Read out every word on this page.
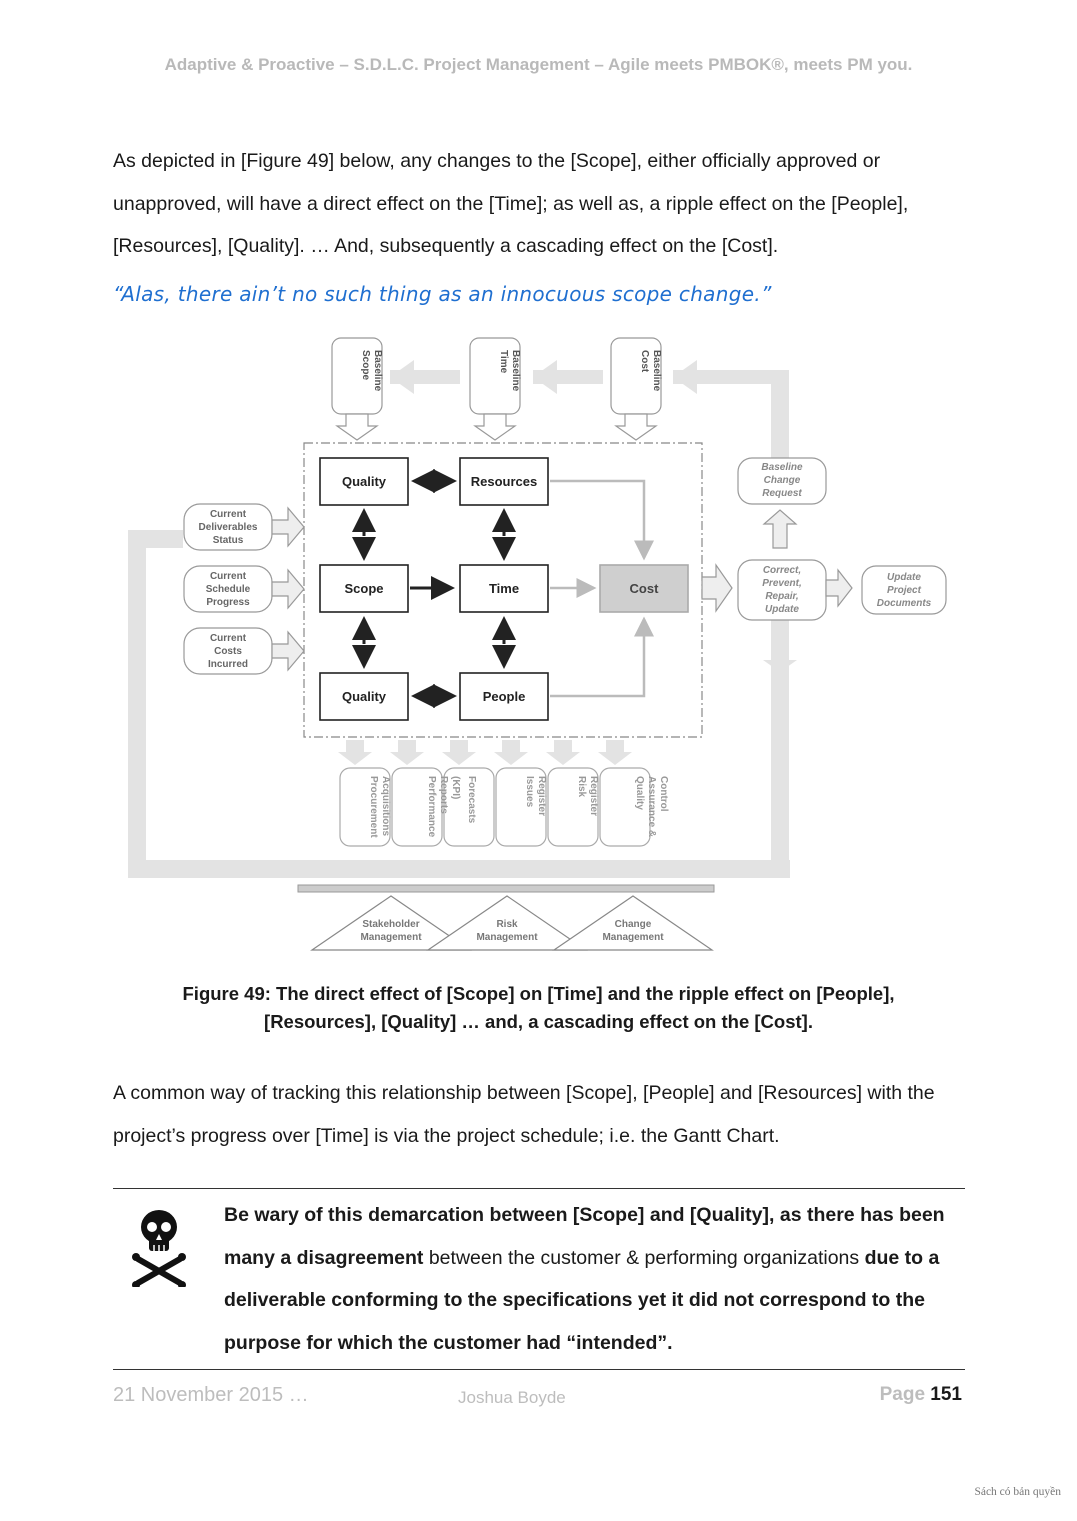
Adaptive & Proactive – S.D.L.C. Project Management – Agile meets PMBOK®, meets PM you.
As depicted in [Figure 49] below, any changes to the [Scope], either officially approved or unapproved, will have a direct effect on the [Time]; as well as, a ripple effect on the [People], [Resources], [Quality]. … And, subsequently a cascading effect on the [Cost].
“Alas, there ain’t no such thing as an innocuous scope change.”
ScopeBaseline	TimeBaseline	CostBaseline
Quality	Resources
Scope	Time	Cost
Quality	People
Current Deliverables Status
Current Schedule Progress
Current Costs Incurred
Baseline Change Request
Correct, Prevent, Repair, Update
Update Project Documents
ProcurementAcquisitions	PerformanceReports(KPI) Forecasts	IssuesRegister	RiskRegister	QualityAssurance &Control
Stakeholder Management
Risk Management
Change Management
Figure 49: The direct effect of [Scope] on [Time] and the ripple effect on [People],
[Resources], [Quality] … and, a cascading effect on the [Cost].
A common way of tracking this relationship between [Scope], [People] and [Resources] with the project’s progress over [Time] is via the project schedule; i.e. the Gantt Chart.
Be wary of this demarcation between [Scope] and [Quality], as there has been many a disagreement between the customer & performing organizations due to a deliverable conforming to the specifications yet it did not correspond to the purpose for which the customer had “intended”.
21 November 2015 …	Joshua Boyde	Page 151
Sách có bản quyền
